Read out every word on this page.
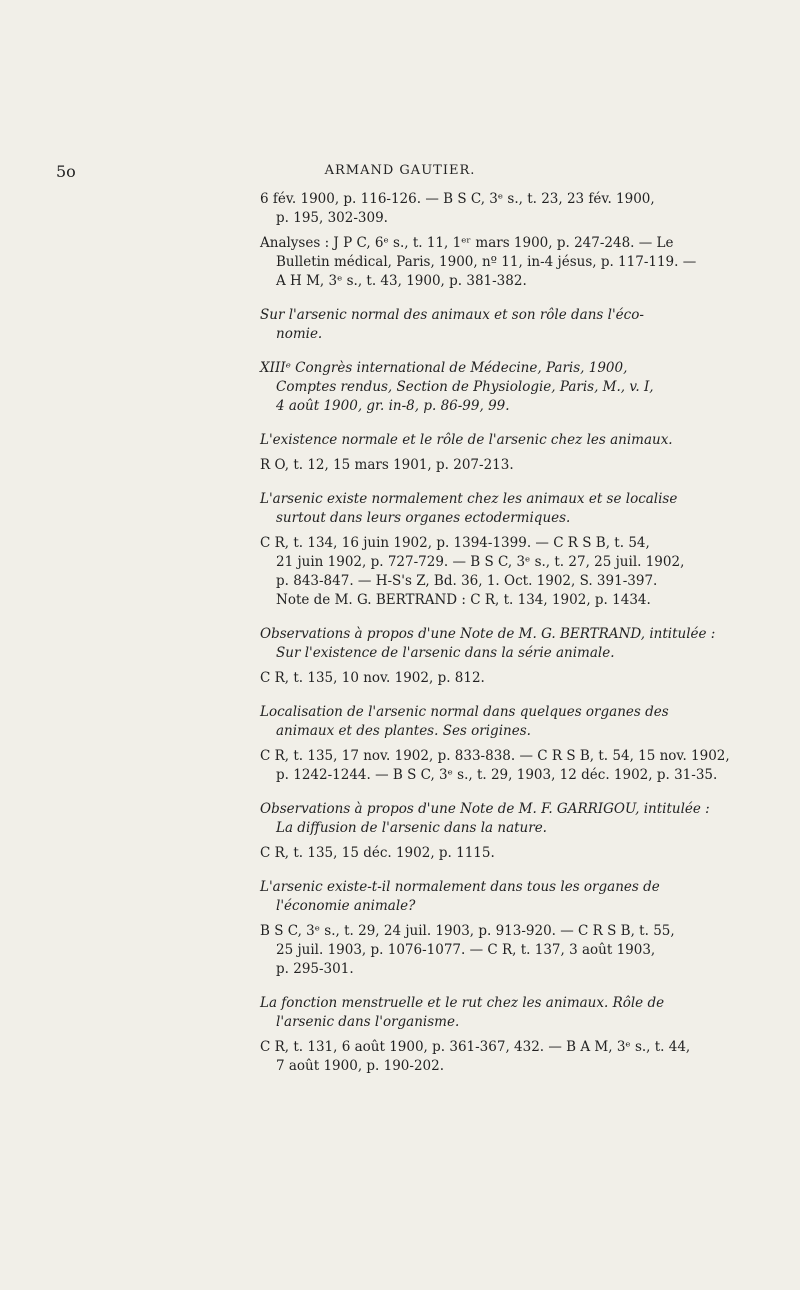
5o	ARMAND GAUTIER.
6 fév. 1900, p. 116-126. — B S C, 3ᵉ s., t. 23, 23 fév. 1900,
p. 195, 302-309.
Analyses : J P C, 6ᵉ s., t. 11, 1ᵉʳ mars 1900, p. 247-248. — Le
Bulletin médical, Paris, 1900, nº 11, in-4 jésus, p. 117-119. —
A H M, 3ᵉ s., t. 43, 1900, p. 381-382.
Sur l'arsenic normal des animaux et son rôle dans l'éco-
nomie.
XIIIᵉ Congrès international de Médecine, Paris, 1900,
Comptes rendus, Section de Physiologie, Paris, M., v. I,
4 août 1900, gr. in-8, p. 86-99, 99.
L'existence normale et le rôle de l'arsenic chez les animaux.
R O, t. 12, 15 mars 1901, p. 207-213.
L'arsenic existe normalement chez les animaux et se localise
surtout dans leurs organes ectodermiques.
C R, t. 134, 16 juin 1902, p. 1394-1399. — C R S B, t. 54,
21 juin 1902, p. 727-729. — B S C, 3ᵉ s., t. 27, 25 juil. 1902,
p. 843-847. — H-S's Z, Bd. 36, 1. Oct. 1902, S. 391-397.
Note de M. G. BERTRAND : C R, t. 134, 1902, p. 1434.
Observations à propos d'une Note de M. G. BERTRAND, intitulée :
Sur l'existence de l'arsenic dans la série animale.
C R, t. 135, 10 nov. 1902, p. 812.
Localisation de l'arsenic normal dans quelques organes des
animaux et des plantes. Ses origines.
C R, t. 135, 17 nov. 1902, p. 833-838. — C R S B, t. 54, 15 nov. 1902,
p. 1242-1244. — B S C, 3ᵉ s., t. 29, 1903, 12 déc. 1902, p. 31-35.
Observations à propos d'une Note de M. F. GARRIGOU, intitulée :
La diffusion de l'arsenic dans la nature.
C R, t. 135, 15 déc. 1902, p. 1115.
L'arsenic existe-t-il normalement dans tous les organes de
l'économie animale?
B S C, 3ᵉ s., t. 29, 24 juil. 1903, p. 913-920. — C R S B, t. 55,
25 juil. 1903, p. 1076-1077. — C R, t. 137, 3 août 1903,
p. 295-301.
La fonction menstruelle et le rut chez les animaux. Rôle de
l'arsenic dans l'organisme.
C R, t. 131, 6 août 1900, p. 361-367, 432. — B A M, 3ᵉ s., t. 44,
7 août 1900, p. 190-202.
